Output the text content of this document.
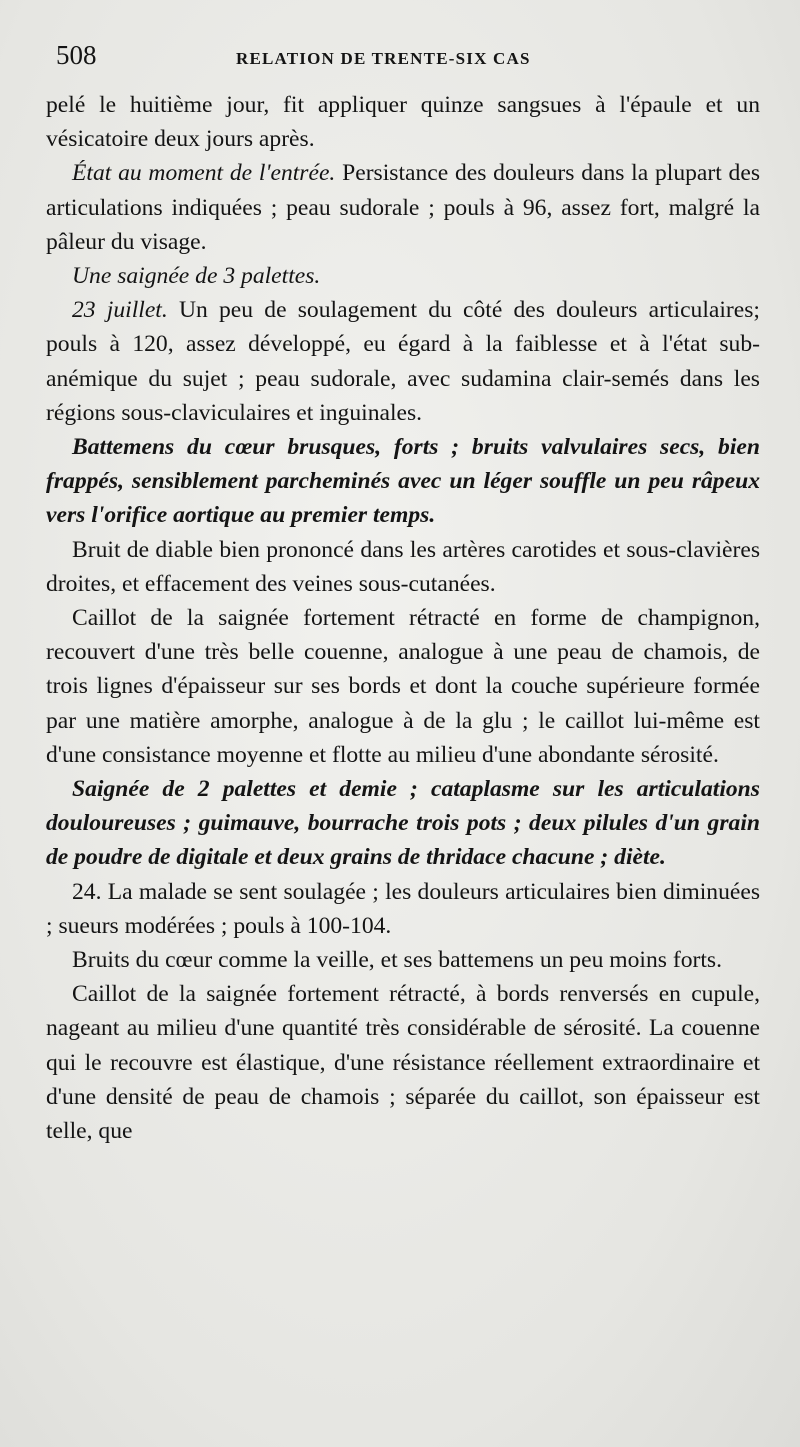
508	RELATION DE TRENTE-SIX CAS

pelé le huitième jour, fit appliquer quinze sangsues à l'épaule et un vésicatoire deux jours après.

État au moment de l'entrée. Persistance des douleurs dans la plupart des articulations indiquées ; peau sudorale ; pouls à 96, assez fort, malgré la pâleur du visage.

Une saignée de 3 palettes.

23 juillet. Un peu de soulagement du côté des douleurs articulaires; pouls à 120, assez développé, eu égard à la faiblesse et à l'état sub-anémique du sujet ; peau sudorale, avec sudamina clair-semés dans les régions sous-claviculaires et inguinales.

Battemens du cœur brusques, forts ; bruits valvulaires secs, bien frappés, sensiblement parcheminés avec un léger souffle un peu râpeux vers l'orifice aortique au premier temps.

Bruit de diable bien prononcé dans les artères carotides et sous-clavières droites, et effacement des veines sous-cutanées.

Caillot de la saignée fortement rétracté en forme de champignon, recouvert d'une très belle couenne, analogue à une peau de chamois, de trois lignes d'épaisseur sur ses bords et dont la couche supérieure formée par une matière amorphe, analogue à de la glu ; le caillot lui-même est d'une consistance moyenne et flotte au milieu d'une abondante sérosité.

Saignée de 2 palettes et demie ; cataplasme sur les articulations douloureuses ; guimauve, bourrache trois pots ; deux pilules d'un grain de poudre de digitale et deux grains de thridace chacune ; diète.

24. La malade se sent soulagée ; les douleurs articulaires bien diminuées ; sueurs modérées ; pouls à 100-104.

Bruits du cœur comme la veille, et ses battemens un peu moins forts.

Caillot de la saignée fortement rétracté, à bords renversés en cupule, nageant au milieu d'une quantité très considérable de sérosité. La couenne qui le recouvre est élastique, d'une résistance réellement extraordinaire et d'une densité de peau de chamois ; séparée du caillot, son épaisseur est telle, que
